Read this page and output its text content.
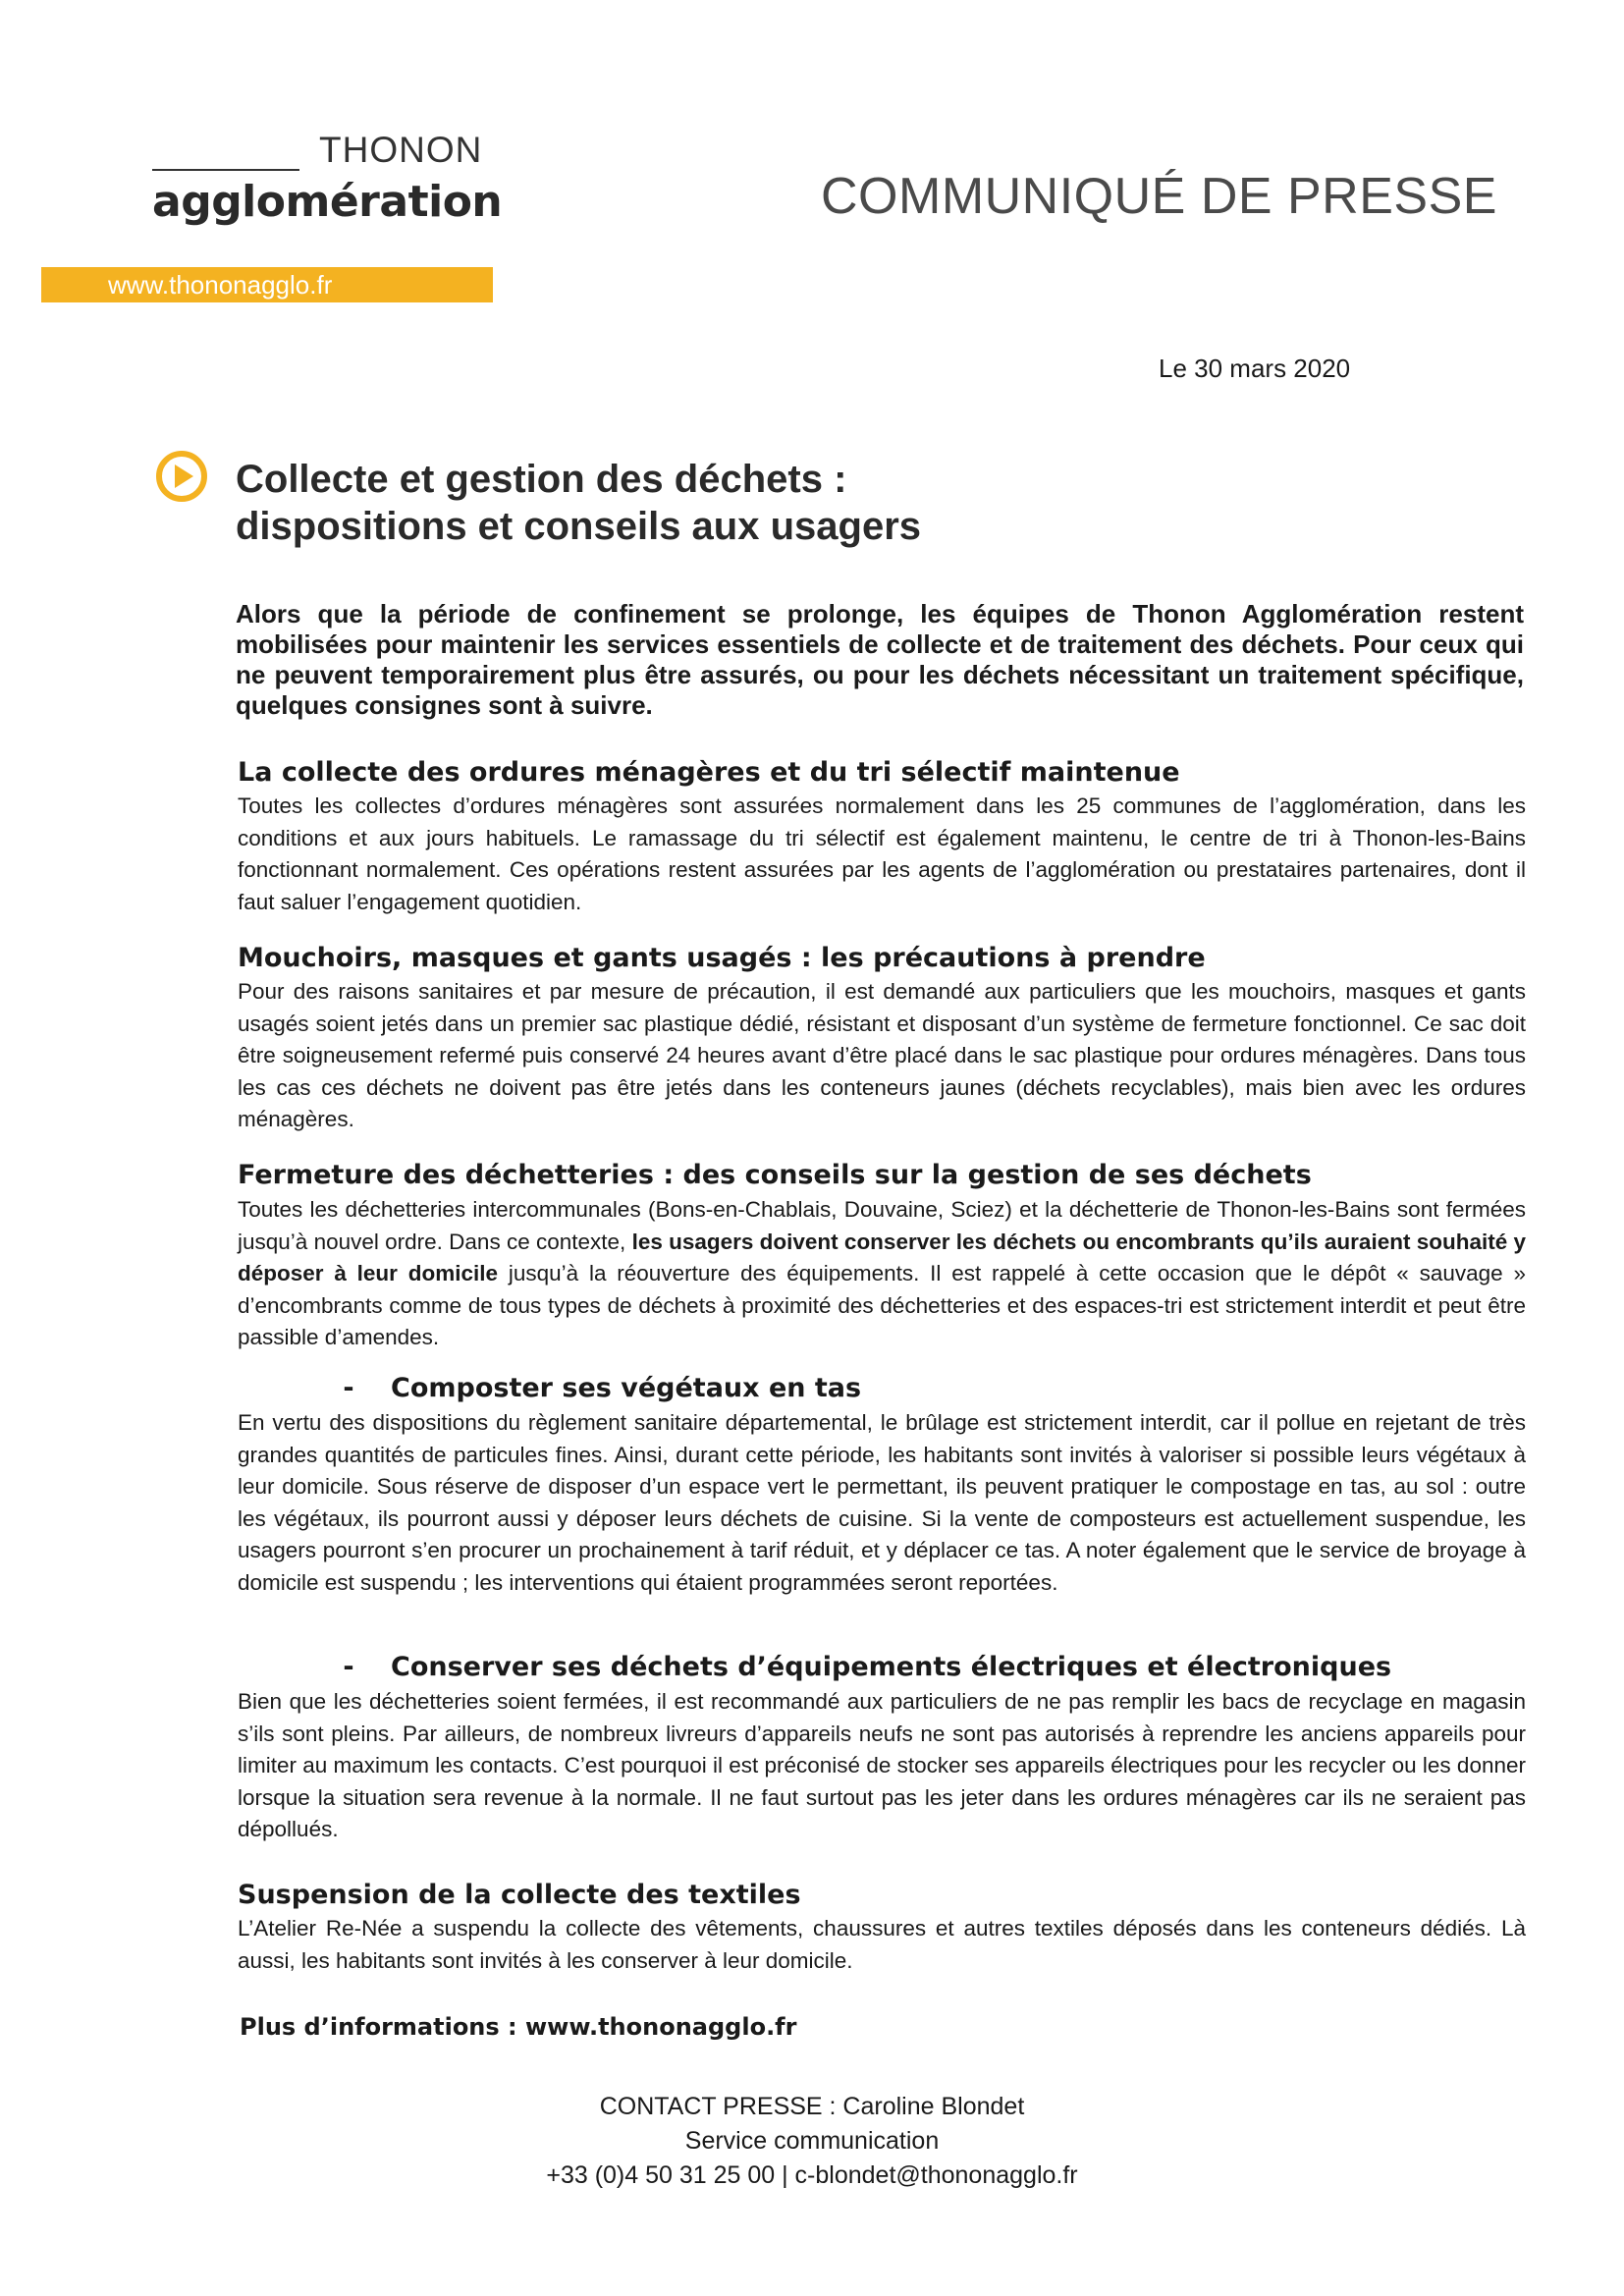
THONON
agglomération
www.thononagglo.fr
COMMUNIQUÉ DE PRESSE
Le 30 mars 2020
Collecte et gestion des déchets :
dispositions et conseils aux usagers
Alors que la période de confinement se prolonge, les équipes de Thonon Agglomération restent mobilisées pour maintenir les services essentiels de collecte et de traitement des déchets. Pour ceux qui ne peuvent temporairement plus être assurés, ou pour les déchets nécessitant un traitement spécifique, quelques consignes sont à suivre.
La collecte des ordures ménagères et du tri sélectif maintenue
Toutes les collectes d’ordures ménagères sont assurées normalement dans les 25 communes de l’agglomération, dans les conditions et aux jours habituels. Le ramassage du tri sélectif est également maintenu, le centre de tri à Thonon-les-Bains fonctionnant normalement. Ces opérations restent assurées par les agents de l’agglomération ou prestataires partenaires, dont il faut saluer l’engagement quotidien.
Mouchoirs, masques et gants usagés : les précautions à prendre
Pour des raisons sanitaires et par mesure de précaution, il est demandé aux particuliers que les mouchoirs, masques et gants usagés soient jetés dans un premier sac plastique dédié, résistant et disposant d’un système de fermeture fonctionnel. Ce sac doit être soigneusement refermé puis conservé 24 heures avant d’être placé dans le sac plastique pour ordures ménagères. Dans tous les cas ces déchets ne doivent pas être jetés dans les conteneurs jaunes (déchets recyclables), mais bien avec les ordures ménagères.
Fermeture des déchetteries : des conseils sur la gestion de ses déchets
Toutes les déchetteries intercommunales (Bons-en-Chablais, Douvaine, Sciez) et la déchetterie de Thonon-les-Bains sont fermées jusqu’à nouvel ordre. Dans ce contexte, les usagers doivent conserver les déchets ou encombrants qu’ils auraient souhaité y déposer à leur domicile jusqu’à la réouverture des équipements. Il est rappelé à cette occasion que le dépôt « sauvage » d’encombrants comme de tous types de déchets à proximité des déchetteries et des espaces-tri est strictement interdit et peut être passible d’amendes.
- Composter ses végétaux en tas
En vertu des dispositions du règlement sanitaire départemental, le brûlage est strictement interdit, car il pollue en rejetant de très grandes quantités de particules fines. Ainsi, durant cette période, les habitants sont invités à valoriser si possible leurs végétaux à leur domicile. Sous réserve de disposer d’un espace vert le permettant, ils peuvent pratiquer le compostage en tas, au sol : outre les végétaux, ils pourront aussi y déposer leurs déchets de cuisine. Si la vente de composteurs est actuellement suspendue, les usagers pourront s’en procurer un prochainement à tarif réduit, et y déplacer ce tas. A noter également que le service de broyage à domicile est suspendu ; les interventions qui étaient programmées seront reportées.
- Conserver ses déchets d’équipements électriques et électroniques
Bien que les déchetteries soient fermées, il est recommandé aux particuliers de ne pas remplir les bacs de recyclage en magasin s’ils sont pleins. Par ailleurs, de nombreux livreurs d’appareils neufs ne sont pas autorisés à reprendre les anciens appareils pour limiter au maximum les contacts. C’est pourquoi il est préconisé de stocker ses appareils électriques pour les recycler ou les donner lorsque la situation sera revenue à la normale. Il ne faut surtout pas les jeter dans les ordures ménagères car ils ne seraient pas dépollués.
Suspension de la collecte des textiles
L’Atelier Re-Née a suspendu la collecte des vêtements, chaussures et autres textiles déposés dans les conteneurs dédiés. Là aussi, les habitants sont invités à les conserver à leur domicile.
Plus d’informations : www.thononagglo.fr
CONTACT PRESSE : Caroline Blondet
Service communication
+33 (0)4 50 31 25 00 | c-blondet@thononagglo.fr
